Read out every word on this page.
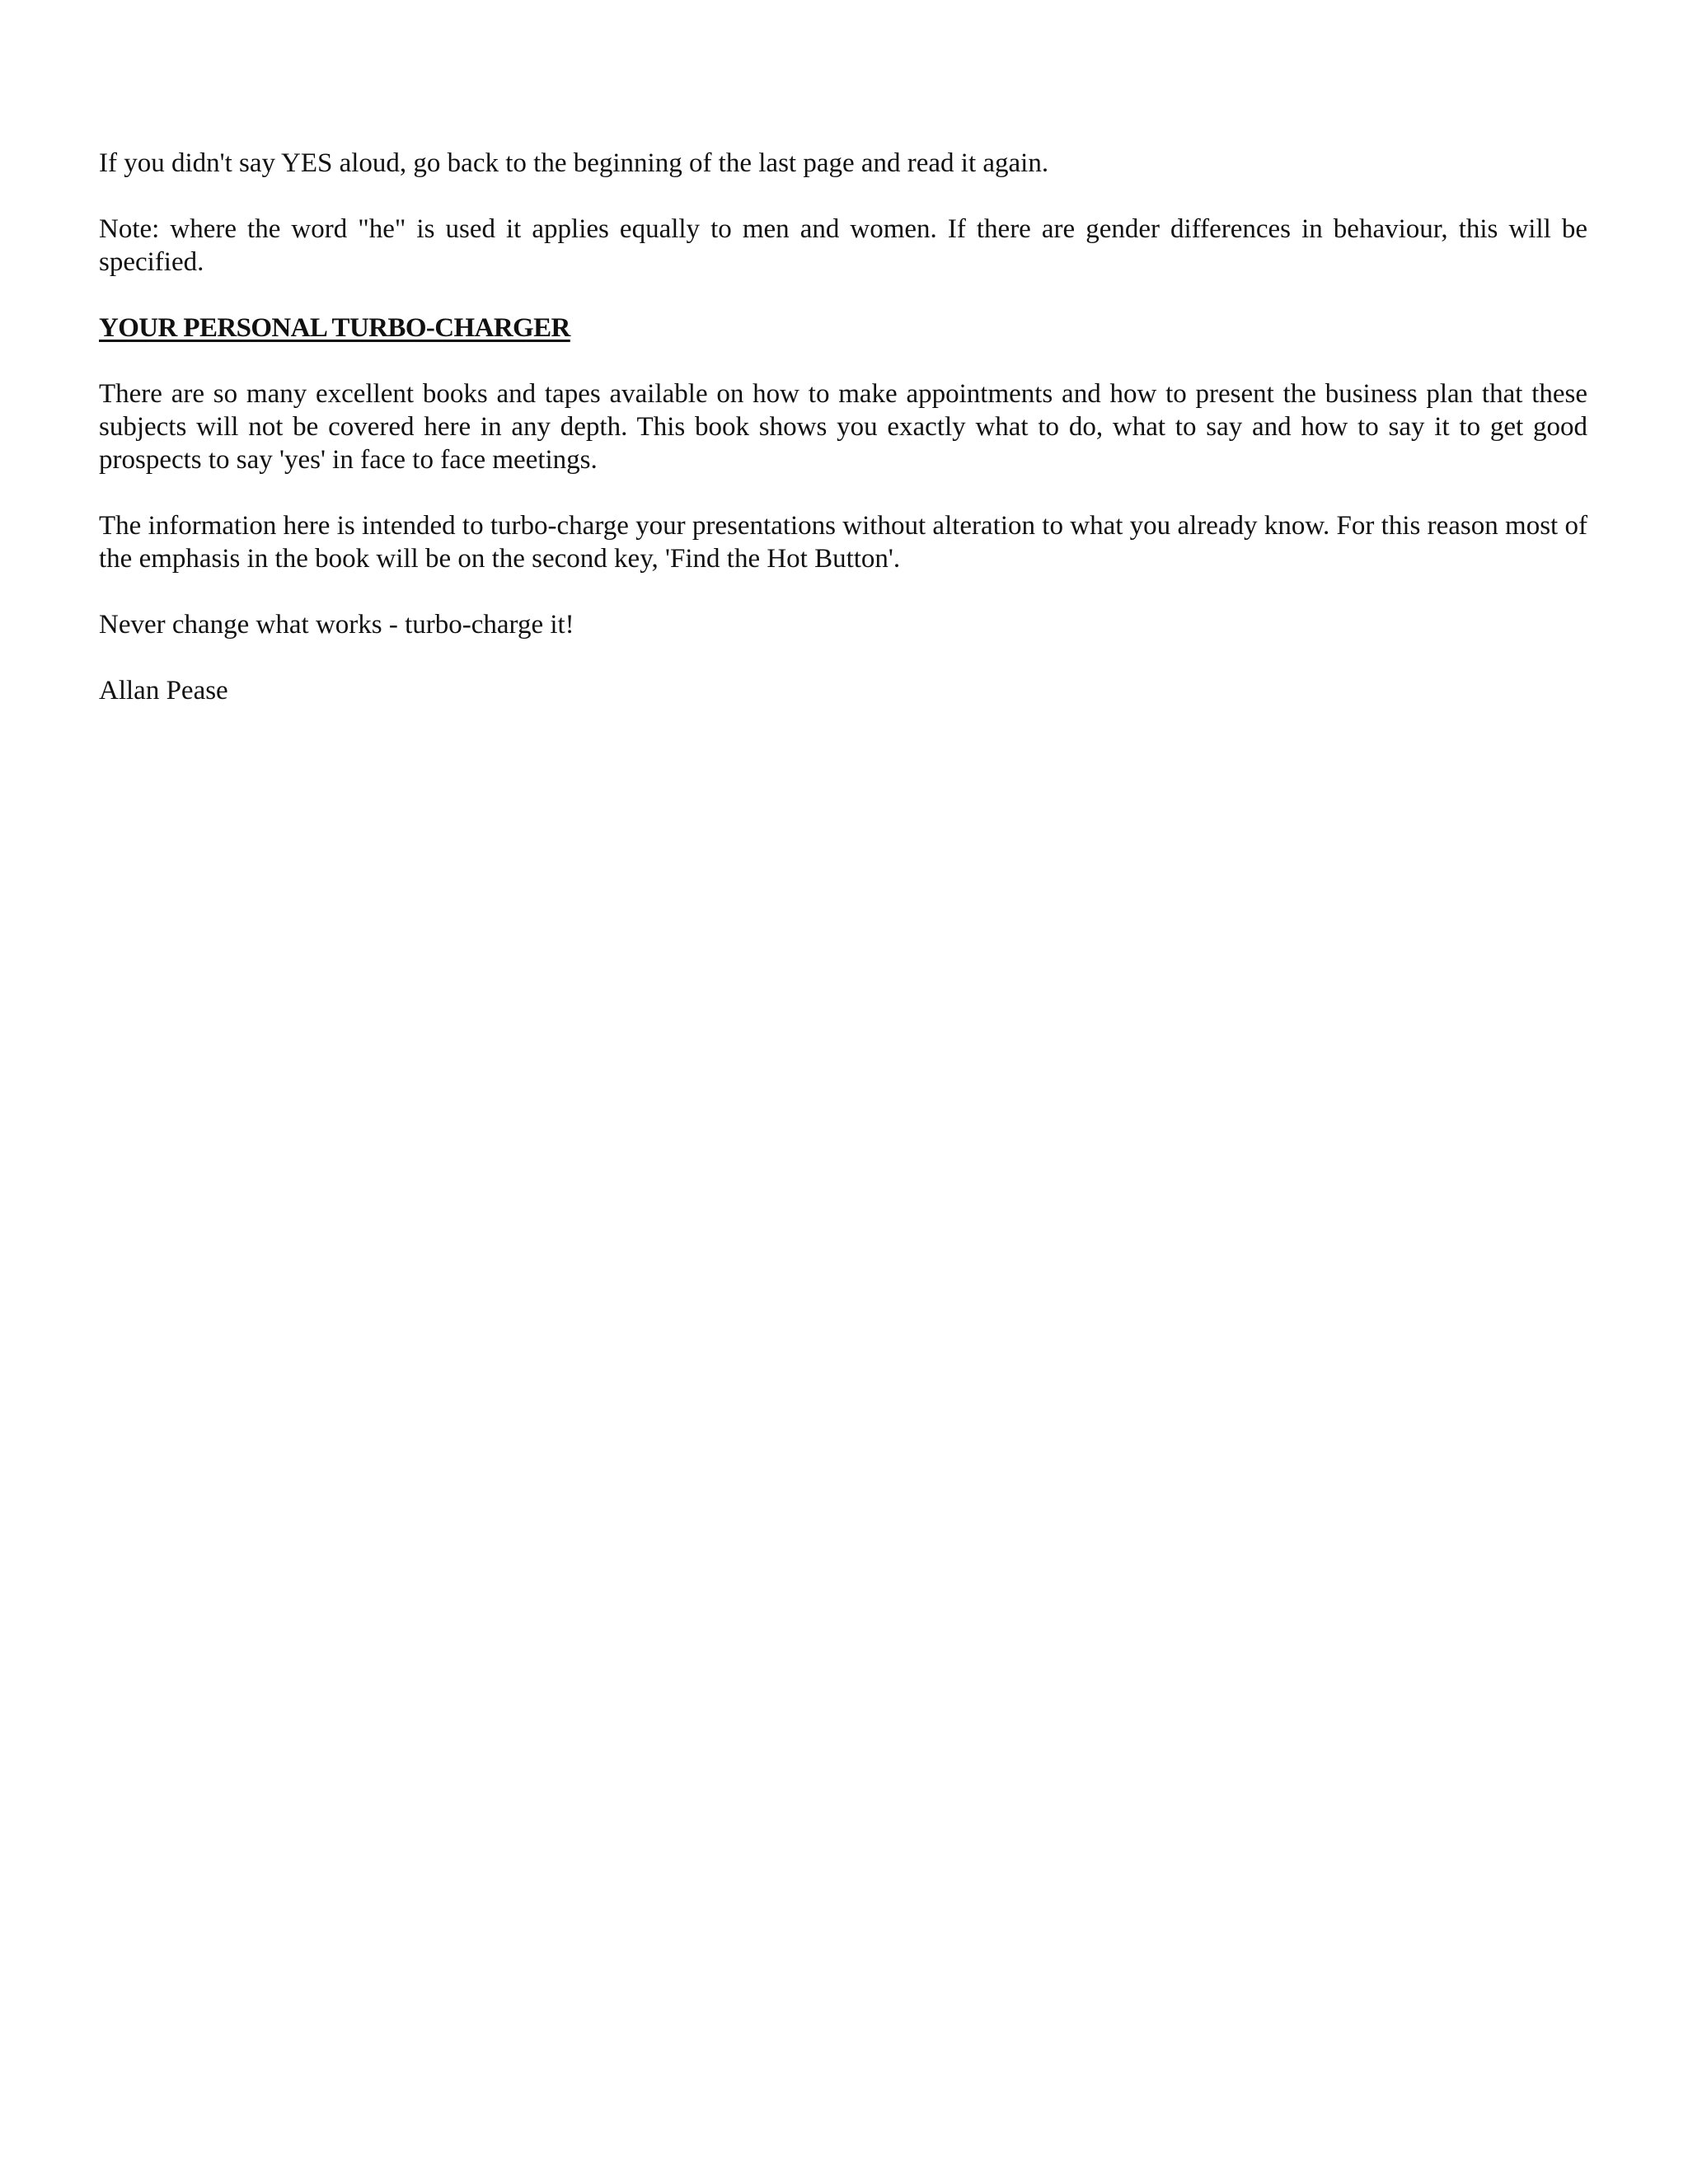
If you didn't say YES aloud, go back to the beginning of the last page and read it again.

Note: where the word "he" is used it applies equally to men and women. If there are gender differences in behaviour, this will be specified.

YOUR PERSONAL TURBO-CHARGER

There are so many excellent books and tapes available on how to make appointments and how to present the business plan that these subjects will not be covered here in any depth. This book shows you exactly what to do, what to say and how to say it to get good prospects to say 'yes' in face to face meetings.

The information here is intended to turbo-charge your presentations without alteration to what you already know. For this reason most of the emphasis in the book will be on the second key, 'Find the Hot Button'.

Never change what works - turbo-charge it!

Allan Pease
